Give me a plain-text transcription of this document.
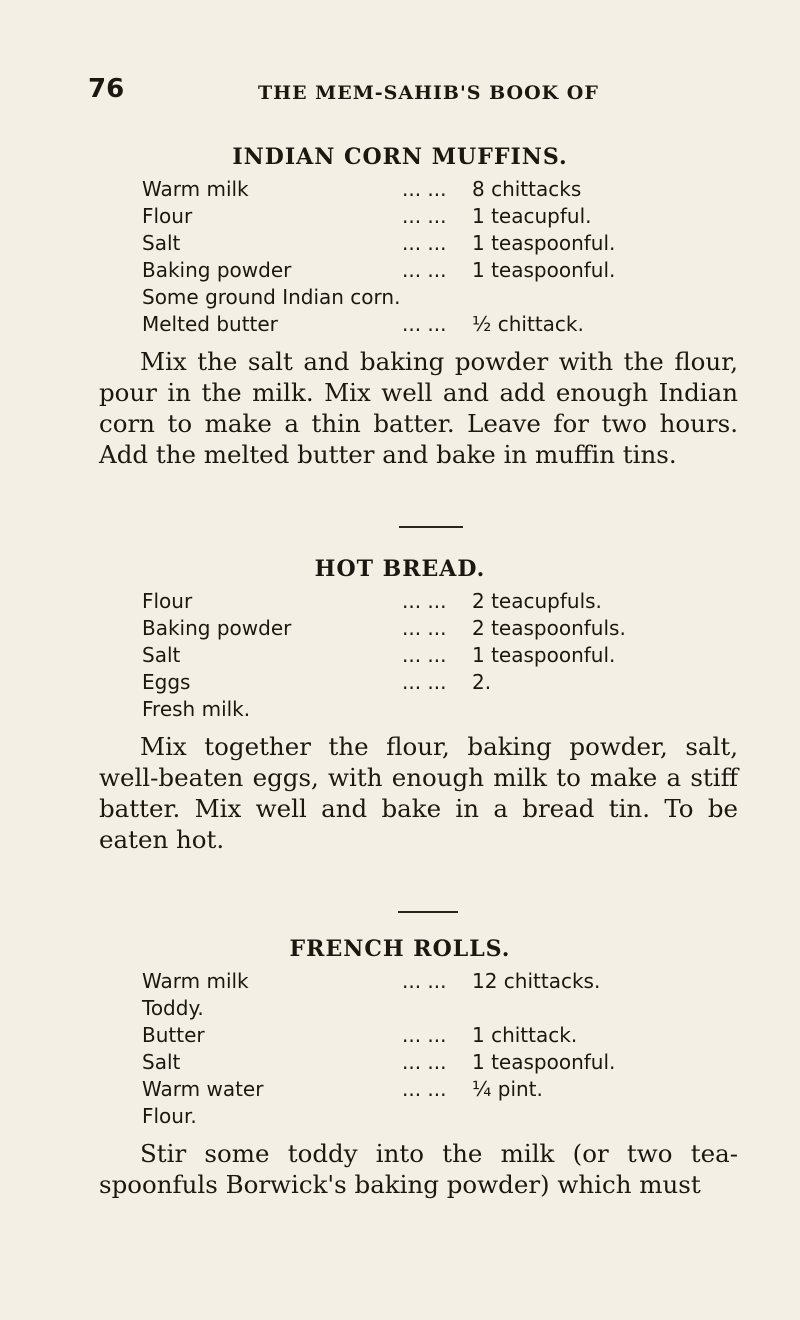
76	THE MEM-SAHIB'S BOOK OF
INDIAN CORN MUFFINS.
Warm milk	... ...	8 chittacks
Flour	... ...	1 teacupful.
Salt	... ...	1 teaspoonful.
Baking powder	... ...	1 teaspoonful.
Some ground Indian corn.		
Melted butter	... ...	½ chittack.

Mix the salt and baking powder with the flour, pour in the milk. Mix well and add enough Indian corn to make a thin batter. Leave for two hours. Add the melted butter and bake in muffin tins.

HOT BREAD.
Flour	... ...	2 teacupfuls.
Baking powder	... ...	2 teaspoonfuls.
Salt	... ...	1 teaspoonful.
Eggs	... ...	2.
Fresh milk.		

Mix together the flour, baking powder, salt, well-beaten eggs, with enough milk to make a stiff batter. Mix well and bake in a bread tin. To be eaten hot.

FRENCH ROLLS.
Warm milk	... ...	12 chittacks.
Toddy.		
Butter	... ...	1 chittack.
Salt	... ...	1 teaspoonful.
Warm water	... ...	¼ pint.
Flour.		

Stir some toddy into the milk (or two tea-spoonfuls Borwick's baking powder) which must
